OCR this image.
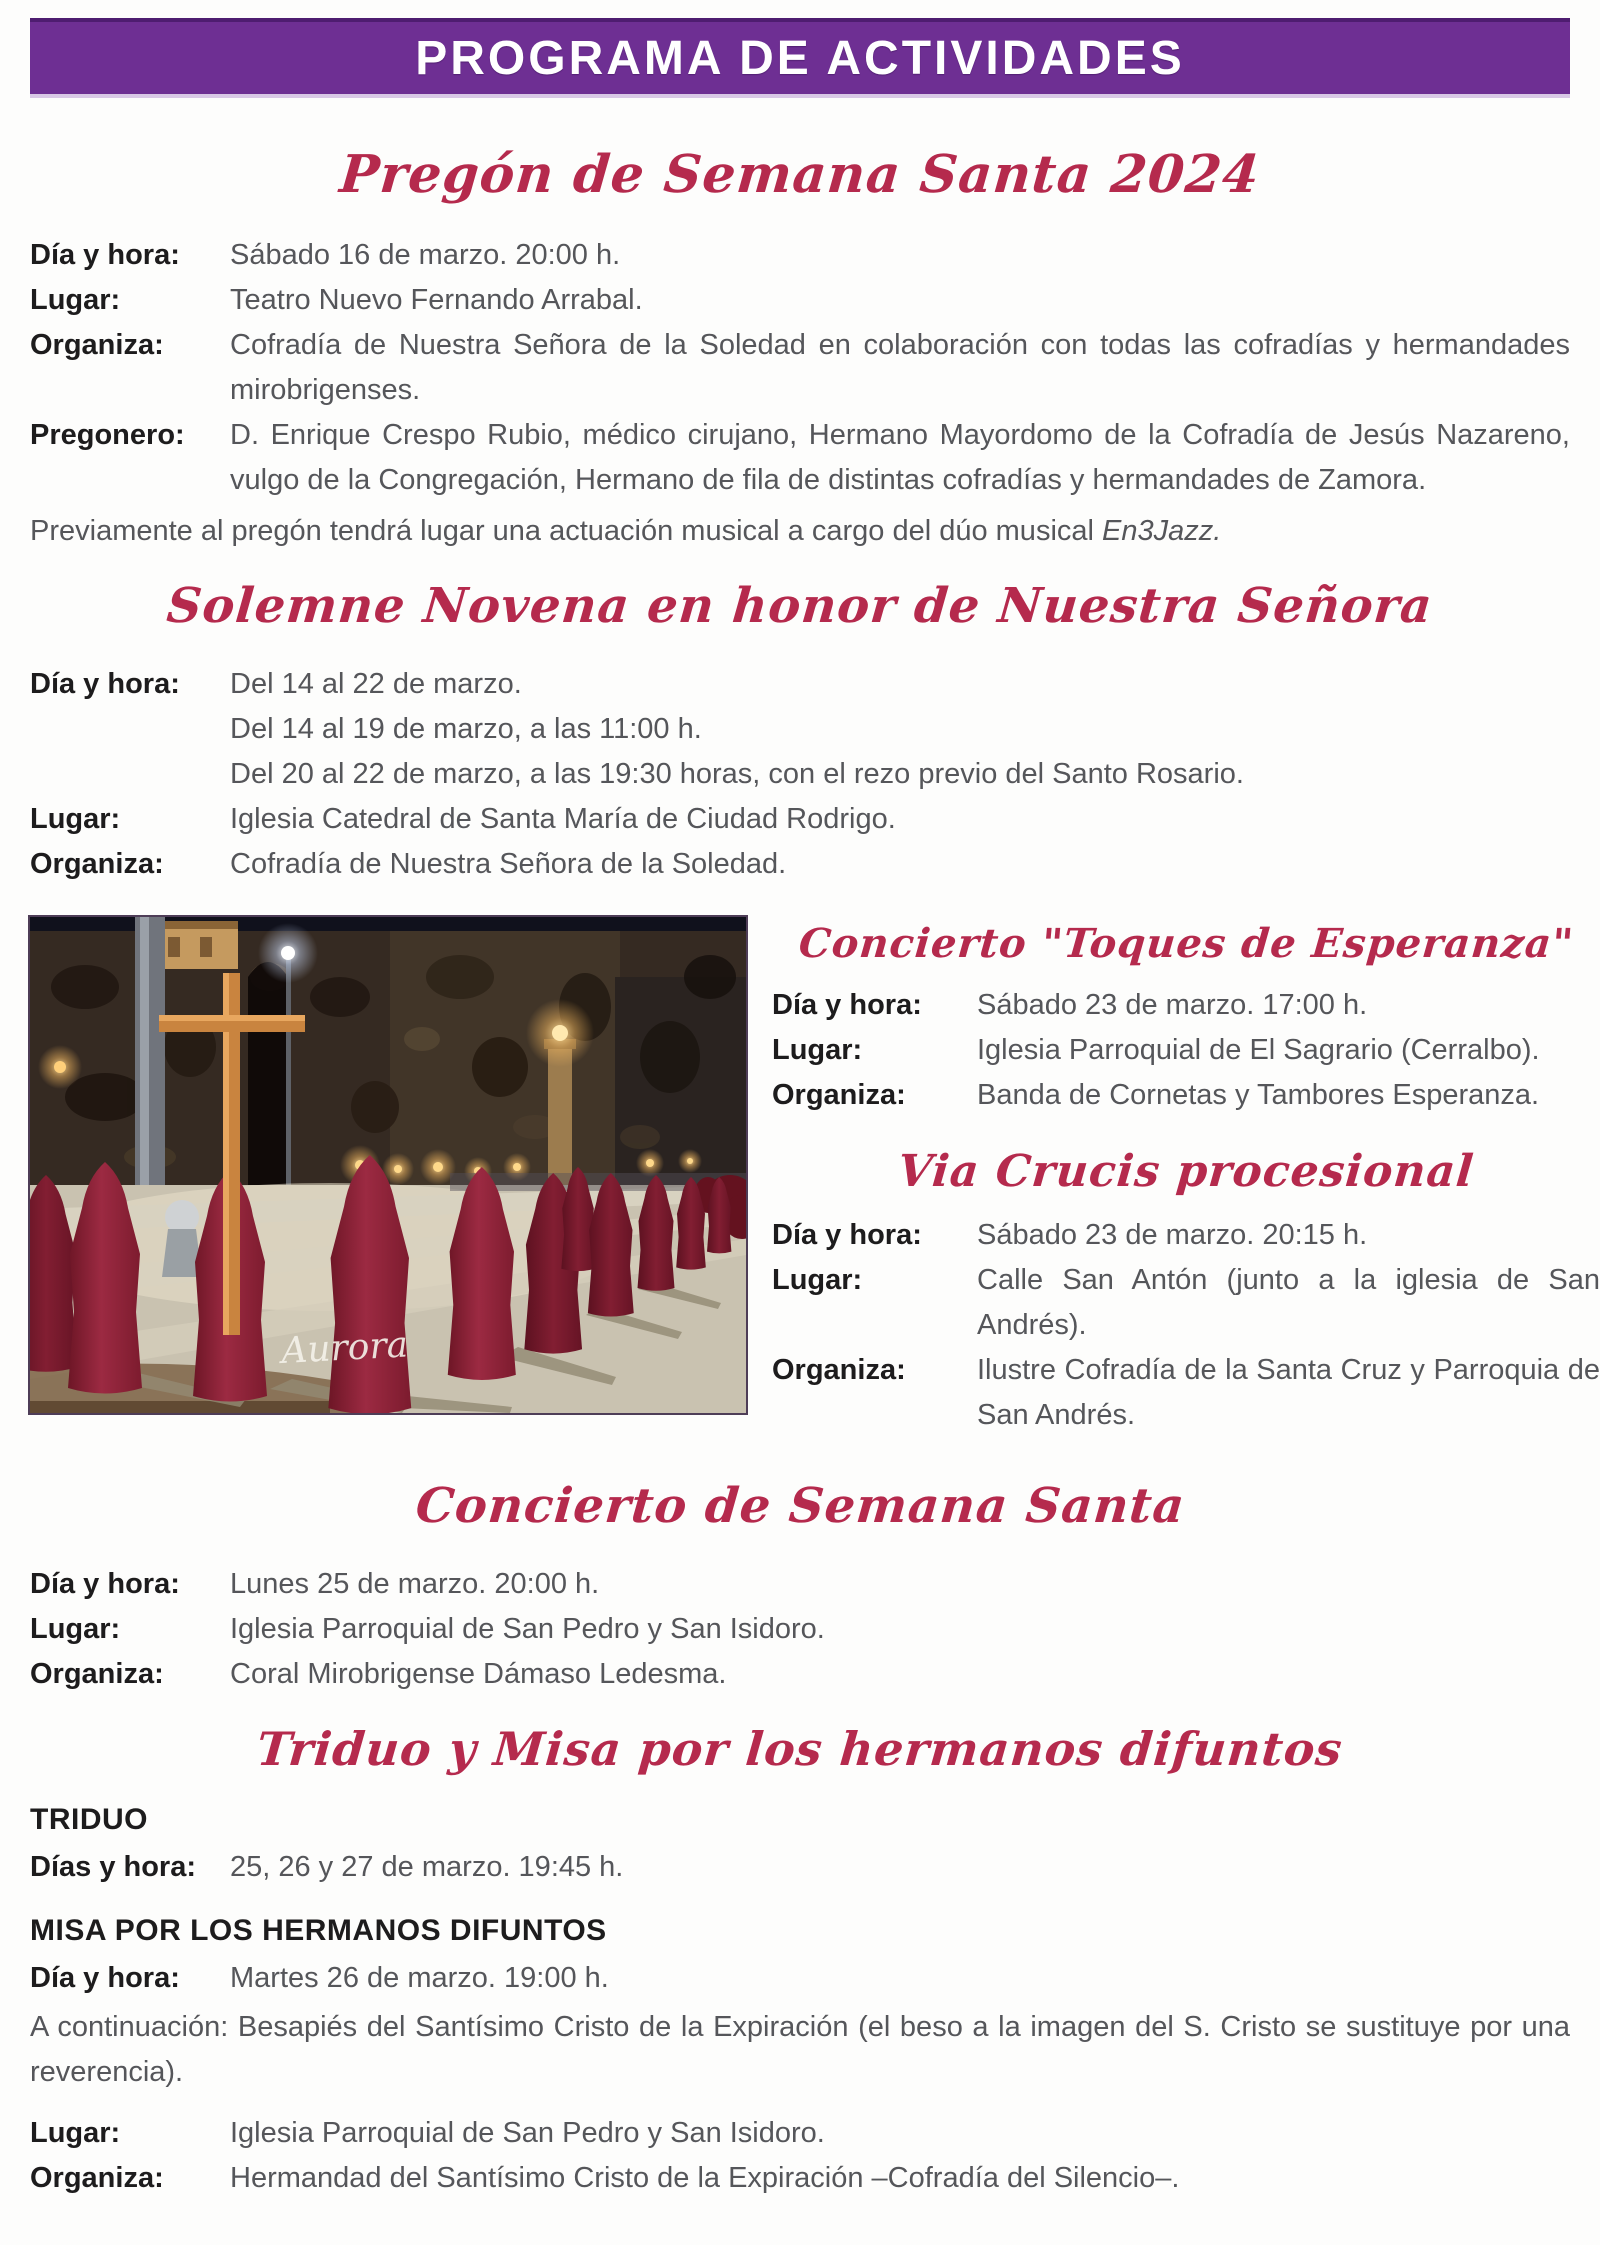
PROGRAMA DE ACTIVIDADES
Pregón de Semana Santa 2024
Día y hora:	Sábado 16 de marzo. 20:00 h.
Lugar:	Teatro Nuevo Fernando Arrabal.
Organiza:	Cofradía de Nuestra Señora de la Soledad en colaboración con todas las cofradías y hermandades mirobrigenses.
Pregonero:	D. Enrique Crespo Rubio, médico cirujano, Hermano Mayordomo de la Cofradía de Jesús Nazareno, vulgo de la Congregación, Hermano de fila de distintas cofradías y hermandades de Zamora.
Previamente al pregón tendrá lugar una actuación musical a cargo del dúo musical En3Jazz.
Solemne Novena en honor de Nuestra Señora
Día y hora:	Del 14 al 22 de marzo.
Del 14 al 19 de marzo, a las 11:00 h.
Del 20 al 22 de marzo, a las 19:30 horas, con el rezo previo del Santo Rosario.
Lugar:	Iglesia Catedral de Santa María de Ciudad Rodrigo.
Organiza:	Cofradía de Nuestra Señora de la Soledad.
Aurora
Concierto "Toques de Esperanza"
Día y hora:	Sábado 23 de marzo. 17:00 h.
Lugar:	Iglesia Parroquial de El Sagrario (Cerralbo).
Organiza:	Banda de Cornetas y Tambores Esperanza.
Via Crucis procesional
Día y hora:	Sábado 23 de marzo. 20:15 h.
Lugar:	Calle San Antón (junto a la iglesia de San Andrés).
Organiza:	Ilustre Cofradía de la Santa Cruz y Parroquia de San Andrés.
Concierto de Semana Santa
Día y hora:	Lunes 25 de marzo. 20:00 h.
Lugar:	Iglesia Parroquial de San Pedro y San Isidoro.
Organiza:	Coral Mirobrigense Dámaso Ledesma.
Triduo y Misa por los hermanos difuntos
TRIDUO
Días y hora:	25, 26 y 27 de marzo. 19:45 h.
MISA POR LOS HERMANOS DIFUNTOS
Día y hora:	Martes 26 de marzo. 19:00 h.
A continuación: Besapiés del Santísimo Cristo de la Expiración (el beso a la imagen del S. Cristo se sustituye por una reverencia).
Lugar:	Iglesia Parroquial de San Pedro y San Isidoro.
Organiza:	Hermandad del Santísimo Cristo de la Expiración –Cofradía del Silencio–.
